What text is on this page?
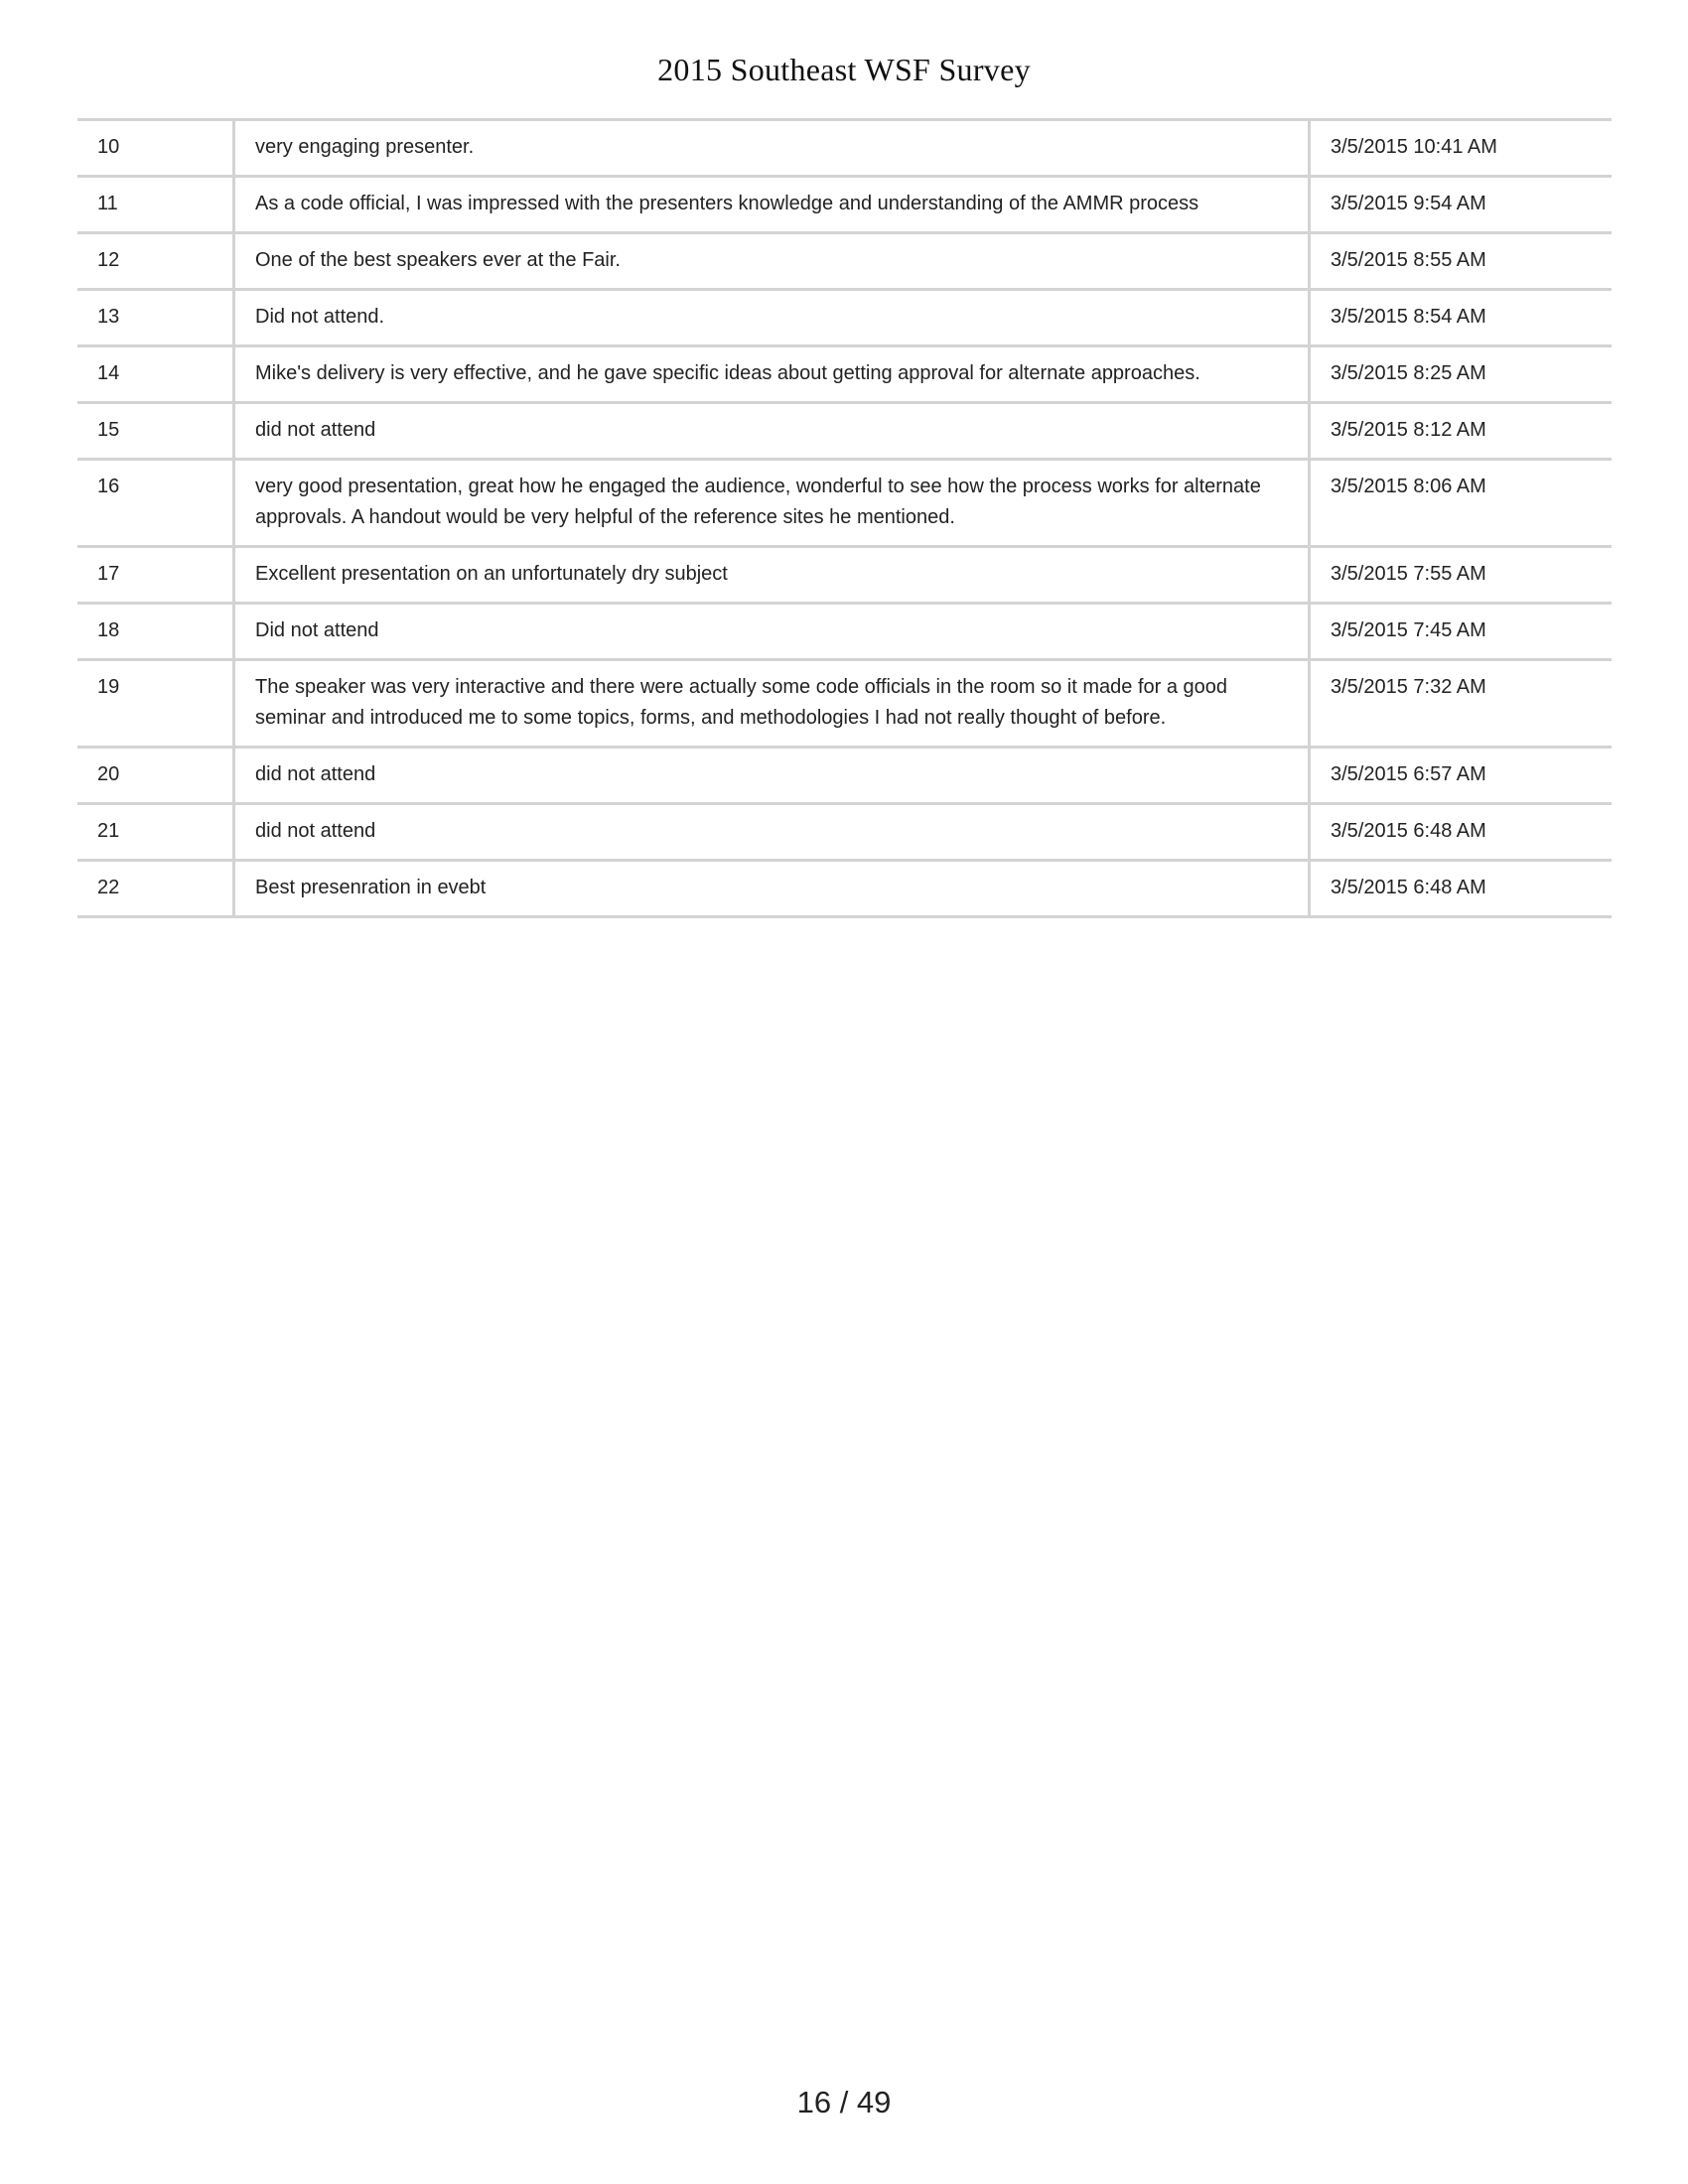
2015 Southeast WSF Survey
10	very engaging presenter.	3/5/2015 10:41 AM
11	As a code official, I was impressed with the presenters knowledge and understanding of the AMMR process	3/5/2015 9:54 AM
12	One of the best speakers ever at the Fair.	3/5/2015 8:55 AM
13	Did not attend.	3/5/2015 8:54 AM
14	Mike's delivery is very effective, and he gave specific ideas about getting approval for alternate approaches.	3/5/2015 8:25 AM
15	did not attend	3/5/2015 8:12 AM
16	very good presentation, great how he engaged the audience, wonderful to see how the process works for alternate approvals. A handout would be very helpful of the reference sites he mentioned.	3/5/2015 8:06 AM
17	Excellent presentation on an unfortunately dry subject	3/5/2015 7:55 AM
18	Did not attend	3/5/2015 7:45 AM
19	The speaker was very interactive and there were actually some code officials in the room so it made for a good seminar and introduced me to some topics, forms, and methodologies I had not really thought of before.	3/5/2015 7:32 AM
20	did not attend	3/5/2015 6:57 AM
21	did not attend	3/5/2015 6:48 AM
22	Best presenration in evebt	3/5/2015 6:48 AM
16 / 49
